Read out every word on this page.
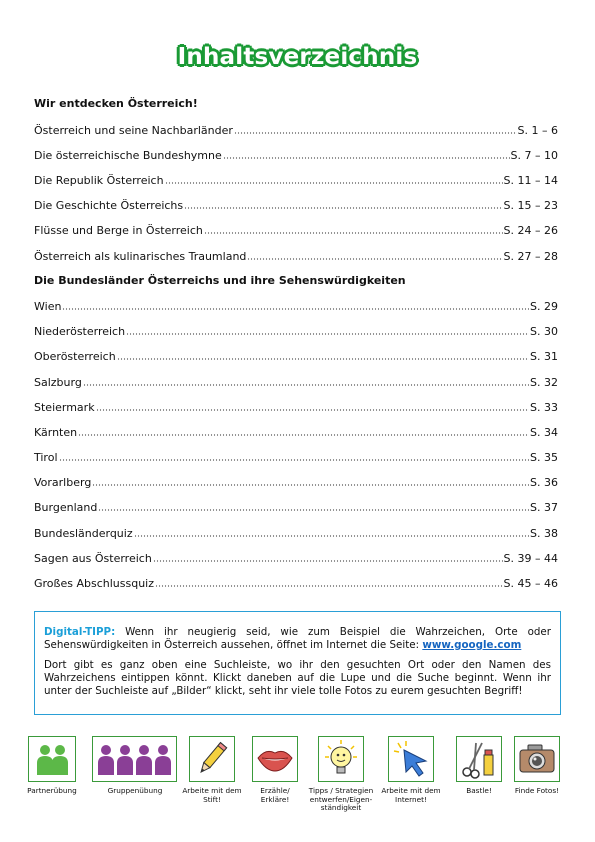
Inhaltsverzeichnis
Wir entdecken Österreich!
Österreich und seine Nachbarländer	S. 1 – 6
Die österreichische Bundeshymne	S. 7 – 10
Die Republik Österreich	S. 11 – 14
Die Geschichte Österreichs	S. 15 – 23
Flüsse und Berge in Österreich	S. 24 – 26
Österreich als kulinarisches Traumland	S. 27 – 28
Die Bundesländer Österreichs und ihre Sehenswürdigkeiten
Wien	S. 29
Niederösterreich	S. 30
Oberösterreich	S. 31
Salzburg	S. 32
Steiermark	S. 33
Kärnten	S. 34
Tirol	S. 35
Vorarlberg	S. 36
Burgenland	S. 37
Bundesländerquiz	S. 38
Sagen aus Österreich	S. 39 – 44
Großes Abschlussquiz	S. 45 – 46

Digital-TIPP: Wenn ihr neugierig seid, wie zum Beispiel die Wahrzeichen, Orte oder Sehenswürdigkeiten in Österreich aussehen, öffnet im Internet die Seite: www.google.com

Dort gibt es ganz oben eine Suchleiste, wo ihr den gesuchten Ort oder den Namen des Wahrzeichens eintippen könnt. Klickt daneben auf die Lupe und die Suche beginnt. Wenn ihr unter der Suchleiste auf „Bilder“ klickt, seht ihr viele tolle Fotos zu eurem gesuchten Begriff!

Partnerübung	Gruppenübung	Arbeite mit dem Stift!
Erzähle/ Erkläre!
Tipps / Strategien entwerfen/Eigen-ständigkeit
Arbeite mit dem Internet!
Bastle!	Finde Fotos!
